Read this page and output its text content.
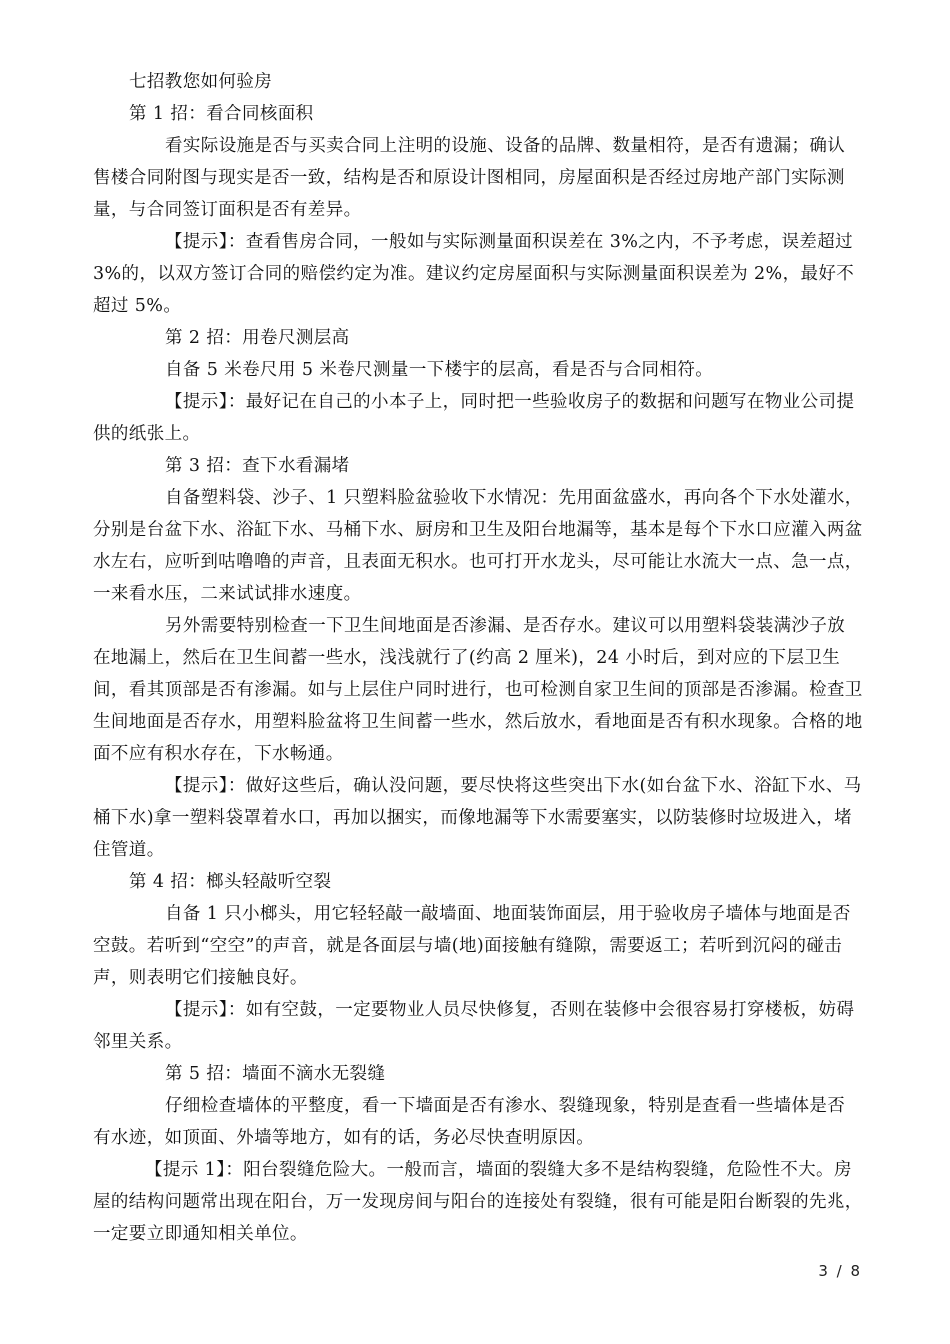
七招教您如何验房
第 1 招：看合同核面积

看实际设施是否与买卖合同上注明的设施、设备的品牌、数量相符，是否有遗漏；确认售楼合同附图与现实是否一致，结构是否和原设计图相同，房屋面积是否经过房地产部门实际测量，与合同签订面积是否有差异。

【提示】：查看售房合同，一般如与实际测量面积误差在 3%之内，不予考虑，误差超过 3%的，以双方签订合同的赔偿约定为准。建议约定房屋面积与实际测量面积误差为 2%，最好不超过 5%。

第 2 招：用卷尺测层高

自备 5 米卷尺用 5 米卷尺测量一下楼宇的层高，看是否与合同相符。

【提示】：最好记在自己的小本子上，同时把一些验收房子的数据和问题写在物业公司提供的纸张上。

第 3 招：查下水看漏堵

自备塑料袋、沙子、1 只塑料脸盆验收下水情况：先用面盆盛水，再向各个下水处灌水，分别是台盆下水、浴缸下水、马桶下水、厨房和卫生及阳台地漏等，基本是每个下水口应灌入两盆水左右，应听到咕噜噜的声音，且表面无积水。也可打开水龙头，尽可能让水流大一点、急一点，一来看水压，二来试试排水速度。

另外需要特别检查一下卫生间地面是否渗漏、是否存水。建议可以用塑料袋装满沙子放在地漏上，然后在卫生间蓄一些水，浅浅就行了(约高 2 厘米)，24 小时后，到对应的下层卫生间，看其顶部是否有渗漏。如与上层住户同时进行，也可检测自家卫生间的顶部是否渗漏。检查卫生间地面是否存水，用塑料脸盆将卫生间蓄一些水，然后放水，看地面是否有积水现象。合格的地面不应有积水存在，下水畅通。

【提示】：做好这些后，确认没问题，要尽快将这些突出下水(如台盆下水、浴缸下水、马桶下水)拿一塑料袋罩着水口，再加以捆实，而像地漏等下水需要塞实，以防装修时垃圾进入，堵住管道。

第 4 招：榔头轻敲听空裂

自备 1 只小榔头，用它轻轻敲一敲墙面、地面装饰面层，用于验收房子墙体与地面是否空鼓。若听到“空空”的声音，就是各面层与墙(地)面接触有缝隙，需要返工；若听到沉闷的碰击声，则表明它们接触良好。

【提示】：如有空鼓，一定要物业人员尽快修复，否则在装修中会很容易打穿楼板，妨碍邻里关系。

第 5 招：墙面不滴水无裂缝

仔细检查墙体的平整度，看一下墙面是否有渗水、裂缝现象，特别是查看一些墙体是否有水迹，如顶面、外墙等地方，如有的话，务必尽快查明原因。

【提示 1】：阳台裂缝危险大。一般而言，墙面的裂缝大多不是结构裂缝，危险性不大。房屋的结构问题常出现在阳台，万一发现房间与阳台的连接处有裂缝，很有可能是阳台断裂的先兆，一定要立即通知相关单位。

3 / 8
